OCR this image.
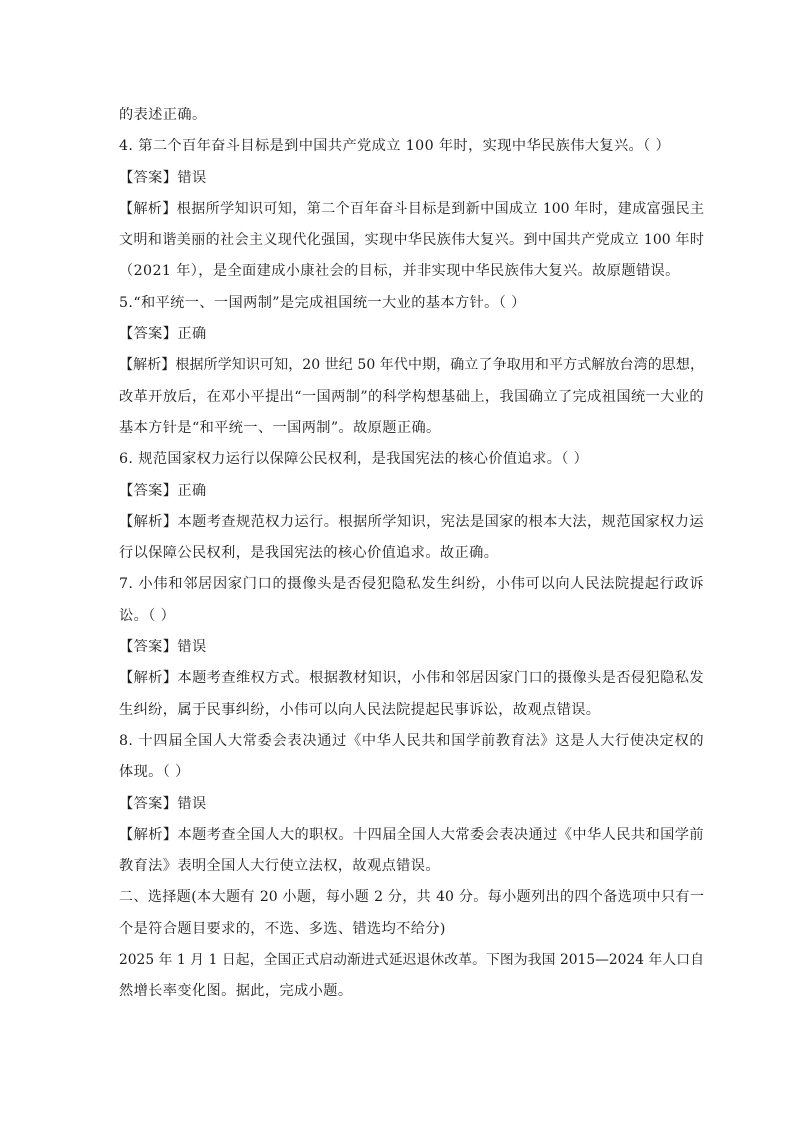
的表述正确。
4. 第二个百年奋斗目标是到中国共产党成立 100 年时，实现中华民族伟大复兴。（ ）
【答案】错误
【解析】根据所学知识可知，第二个百年奋斗目标是到新中国成立 100 年时，建成富强民主
文明和谐美丽的社会主义现代化强国，实现中华民族伟大复兴。到中国共产党成立 100 年时
（2021 年），是全面建成小康社会的目标，并非实现中华民族伟大复兴。故原题错误。
5.“和平统一、一国两制”是完成祖国统一大业的基本方针。（ ）
【答案】正确
【解析】根据所学知识可知，20 世纪 50 年代中期，确立了争取用和平方式解放台湾的思想，
改革开放后，在邓小平提出“一国两制”的科学构想基础上，我国确立了完成祖国统一大业的
基本方针是“和平统一、一国两制”。故原题正确。
6. 规范国家权力运行以保障公民权利，是我国宪法的核心价值追求。（ ）
【答案】正确
【解析】本题考查规范权力运行。根据所学知识，宪法是国家的根本大法，规范国家权力运
行以保障公民权利，是我国宪法的核心价值追求。故正确。
7. 小伟和邻居因家门口的摄像头是否侵犯隐私发生纠纷，小伟可以向人民法院提起行政诉
讼。（ ）
【答案】错误
【解析】本题考查维权方式。根据教材知识，小伟和邻居因家门口的摄像头是否侵犯隐私发
生纠纷，属于民事纠纷，小伟可以向人民法院提起民事诉讼，故观点错误。
8. 十四届全国人大常委会表决通过《中华人民共和国学前教育法》这是人大行使决定权的
体现。（ ）
【答案】错误
【解析】本题考查全国人大的职权。十四届全国人大常委会表决通过《中华人民共和国学前
教育法》表明全国人大行使立法权，故观点错误。
二、选择题(本大题有 20 小题，每小题 2 分，共 40 分。每小题列出的四个备选项中只有一
个是符合题目要求的，不选、多选、错选均不给分)
2025 年 1 月 1 日起，全国正式启动渐进式延迟退休改革。下图为我国 2015—2024 年人口自
然增长率变化图。据此，完成小题。
